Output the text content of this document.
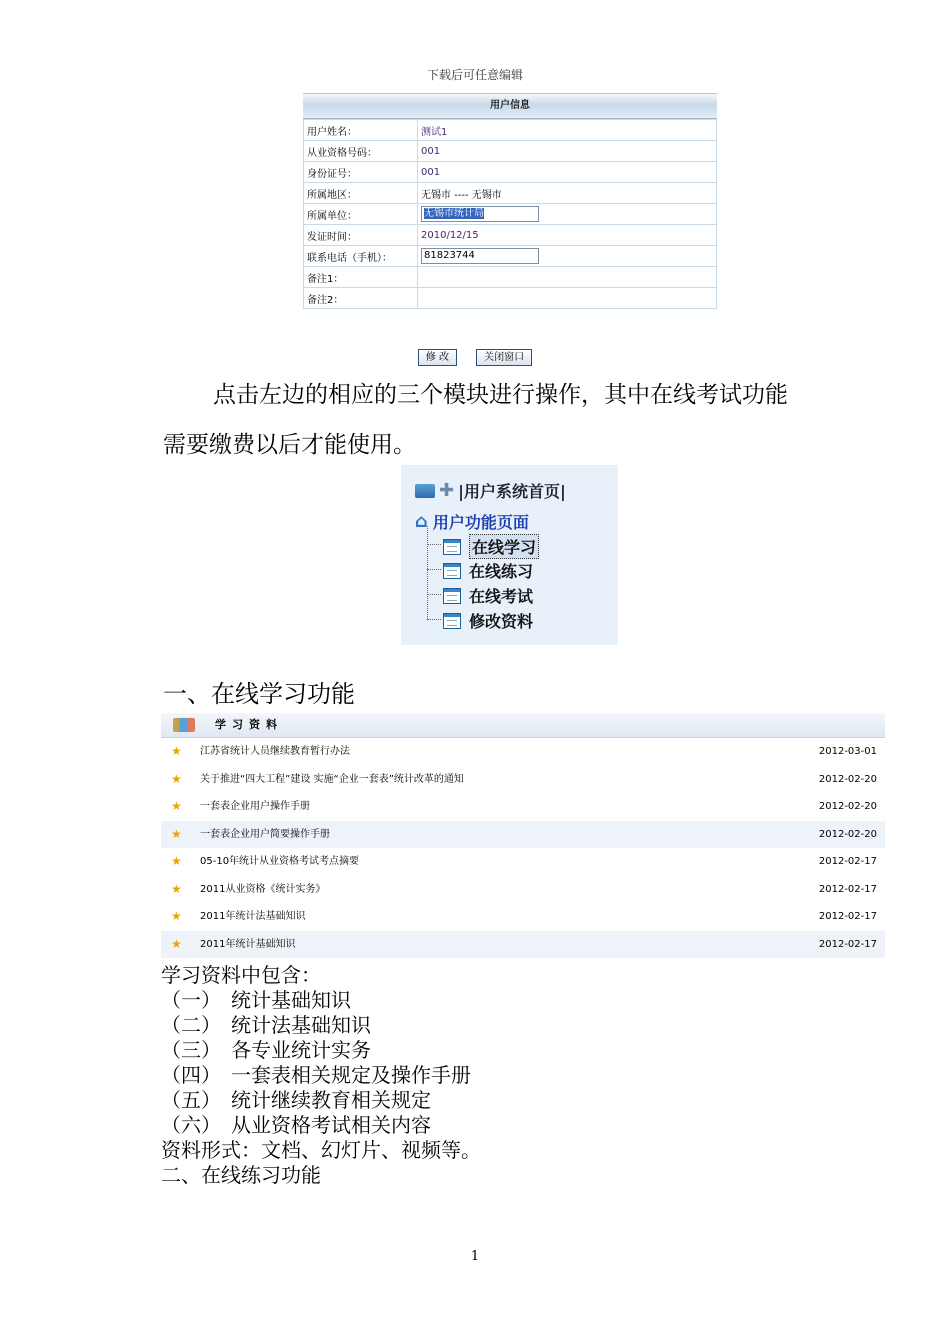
下载后可任意编辑
用户信息
用户姓名：	测试1
从业资格号码：	001
身份证号：	001
所属地区：	无锡市 ---- 无锡市
所属单位：	无锡市统计局
发证时间：	2010/12/15
联系电话（手机）：	81823744
备注1：	
备注2：	
修 改	关闭窗口
点击左边的相应的三个模块进行操作，其中在线考试功能
需要缴费以后才能使用。
✚ |用户系统首页|
⌂ 用户功能页面
在线学习
在线练习
在线考试
修改资料
一、在线学习功能
学习资料
★ 江苏省统计人员继续教育暂行办法	2012-03-01
★ 关于推进“四大工程”建设 实施“企业一套表”统计改革的通知	2012-02-20
★ 一套表企业用户操作手册	2012-02-20
★ 一套表企业用户简要操作手册	2012-02-20
★ 05-10年统计从业资格考试考点摘要	2012-02-17
★ 2011从业资格《统计实务》	2012-02-17
★ 2011年统计法基础知识	2012-02-17
★ 2011年统计基础知识	2012-02-17
学习资料中包含：
（一）　统计基础知识
（二）　统计法基础知识
（三）　各专业统计实务
（四）　一套表相关规定及操作手册
（五）　统计继续教育相关规定
（六）　从业资格考试相关内容
资料形式：文档、幻灯片、视频等。
二、在线练习功能
1
